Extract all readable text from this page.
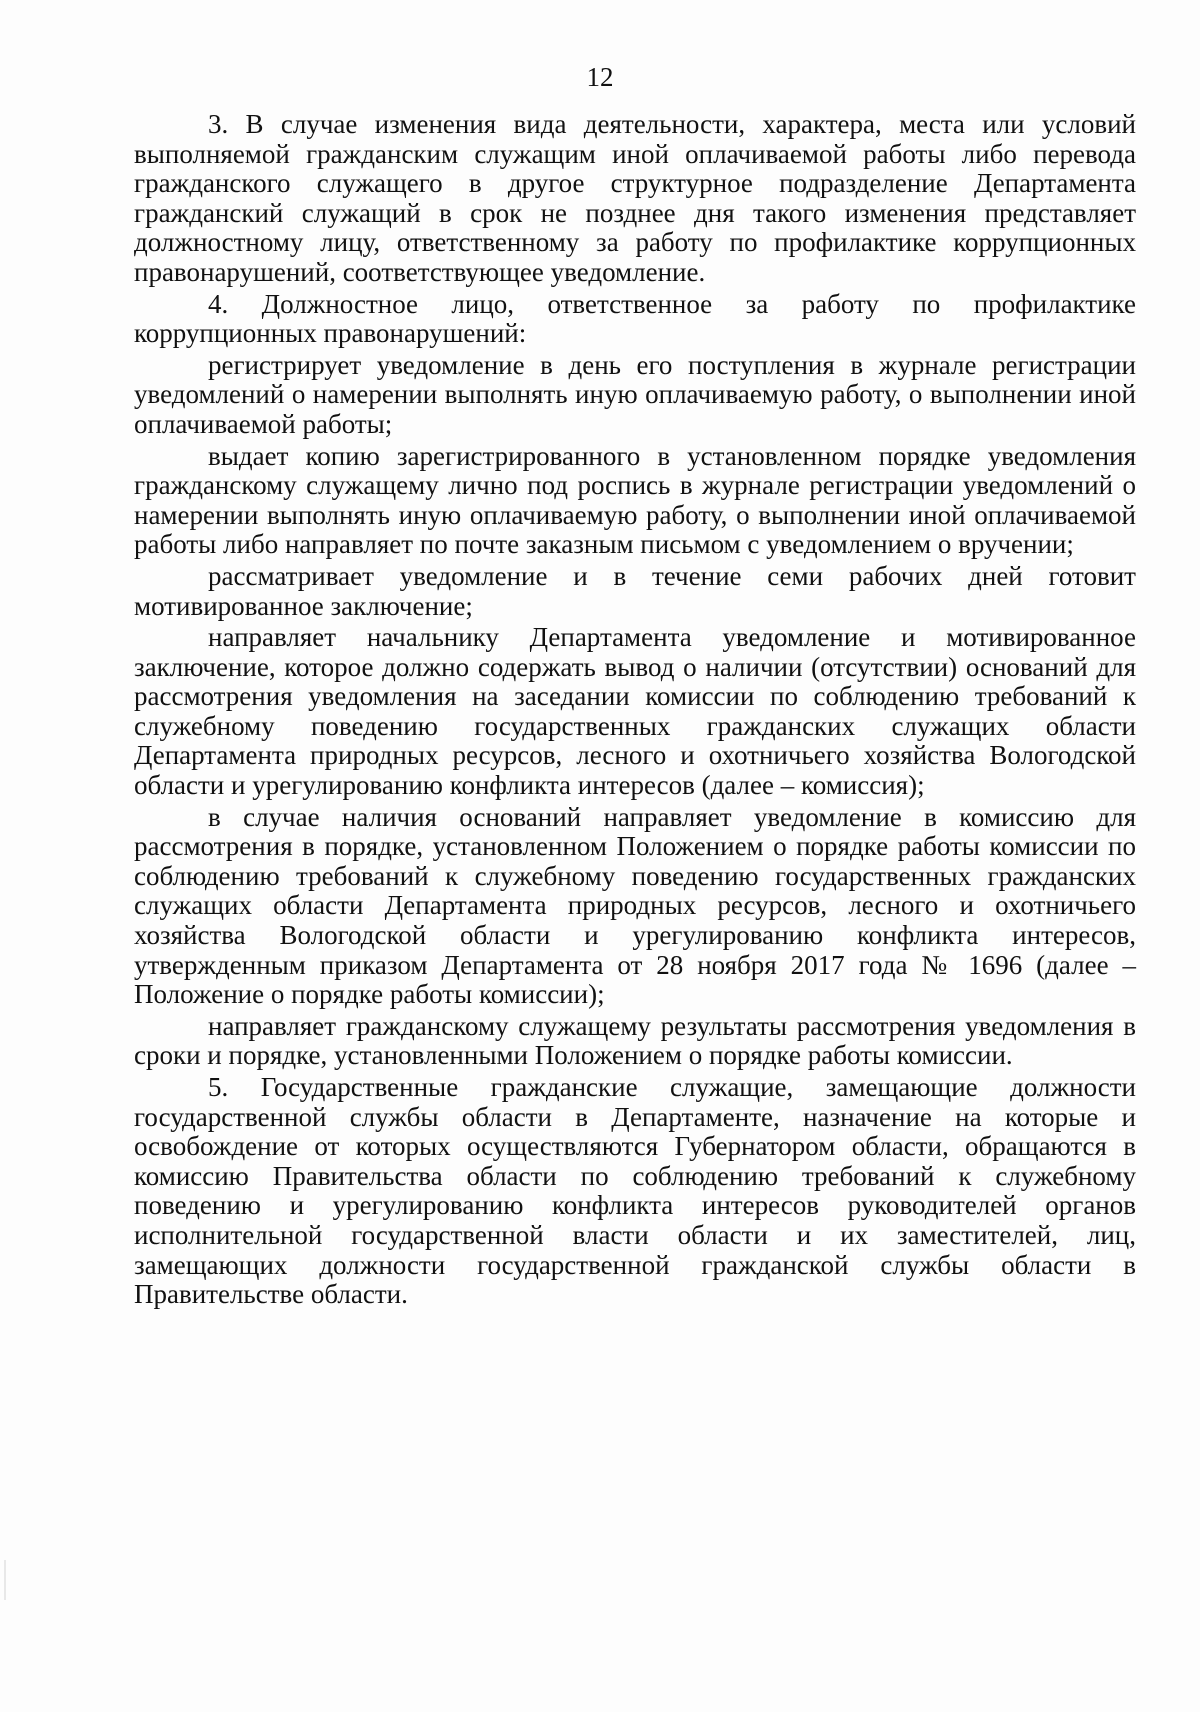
12

3. В случае изменения вида деятельности, характера, места или условий выполняемой гражданским служащим иной оплачиваемой работы либо перевода гражданского служащего в другое структурное подразделение Департамента гражданский служащий в срок не позднее дня такого изменения представляет должностному лицу, ответственному за работу по профилактике коррупционных правонарушений, соответствующее уведомление.

4. Должностное лицо, ответственное за работу по профилактике коррупционных правонарушений:

регистрирует уведомление в день его поступления в журнале регистрации уведомлений о намерении выполнять иную оплачиваемую работу, о выполнении иной оплачиваемой работы;

выдает копию зарегистрированного в установленном порядке уведомления гражданскому служащему лично под роспись в журнале регистрации уведомлений о намерении выполнять иную оплачиваемую работу, о выполнении иной оплачиваемой работы либо направляет по почте заказным письмом с уведомлением о вручении;

рассматривает уведомление и в течение семи рабочих дней готовит мотивированное заключение;

направляет начальнику Департамента уведомление и мотивированное заключение, которое должно содержать вывод о наличии (отсутствии) оснований для рассмотрения уведомления на заседании комиссии по соблюдению требований к служебному поведению государственных гражданских служащих области Департамента природных ресурсов, лесного и охотничьего хозяйства Вологодской области и урегулированию конфликта интересов (далее – комиссия);

в случае наличия оснований направляет уведомление в комиссию для рассмотрения в порядке, установленном Положением о порядке работы комиссии по соблюдению требований к служебному поведению государственных гражданских служащих области Департамента природных ресурсов, лесного и охотничьего хозяйства Вологодской области и урегулированию конфликта интересов, утвержденным приказом Департамента от 28 ноября 2017 года № 1696 (далее – Положение о порядке работы комиссии);

направляет гражданскому служащему результаты рассмотрения уведомления в сроки и порядке, установленными Положением о порядке работы комиссии.

5. Государственные гражданские служащие, замещающие должности государственной службы области в Департаменте, назначение на которые и освобождение от которых осуществляются Губернатором области, обращаются в комиссию Правительства области по соблюдению требований к служебному поведению и урегулированию конфликта интересов руководителей органов исполнительной государственной власти области и их заместителей, лиц, замещающих должности государственной гражданской службы области в Правительстве области.
